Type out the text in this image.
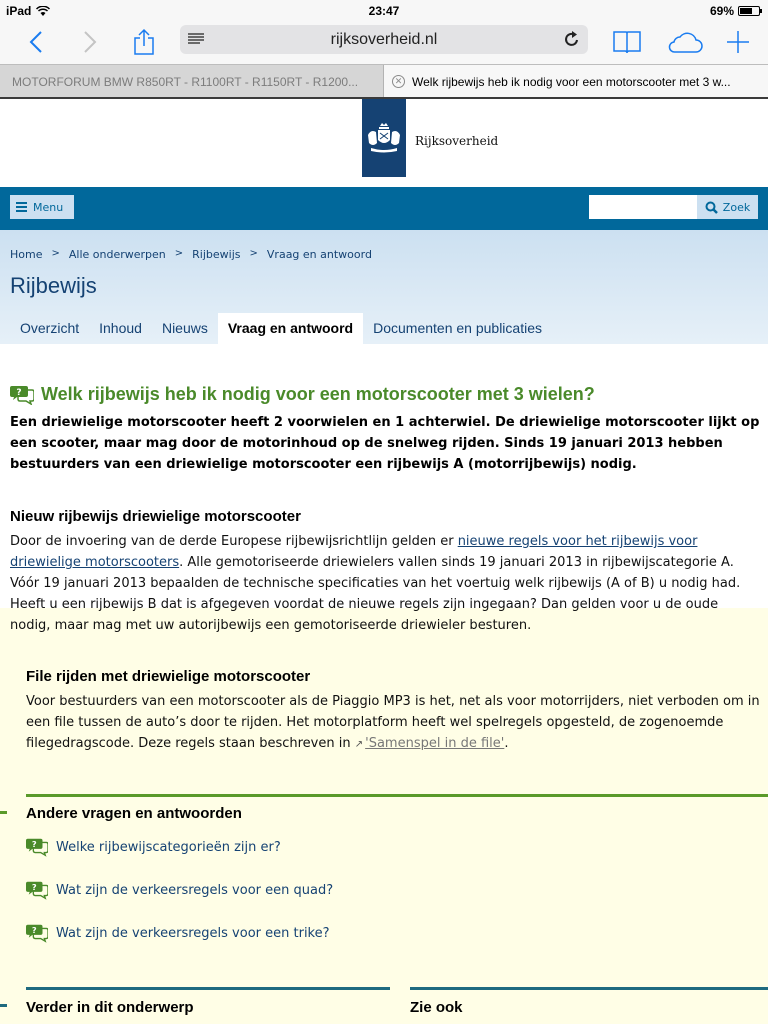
iPad	23:47	69%
rijksoverheid.nl
MOTORFORUM BMW R850RT - R1100RT - R1150RT - R1200...	✕ Welk rijbewijs heb ik nodig voor een motorscooter met 3 w...
Rijksoverheid
Menu	Zoek
Home > Alle onderwerpen > Rijbewijs > Vraag en antwoord
Rijbewijs
Overzicht	Inhoud	Nieuws	Vraag en antwoord	Documenten en publicaties
? Welk rijbewijs heb ik nodig voor een motorscooter met 3 wielen?
Een driewielige motorscooter heeft 2 voorwielen en 1 achterwiel. De driewielige motorscooter lijkt op een scooter, maar mag door de motorinhoud op de snelweg rijden. Sinds 19 januari 2013 hebben bestuurders van een driewielige motorscooter een rijbewijs A (motorrijbewijs) nodig.
Nieuw rijbewijs driewielige motorscooter
Door de invoering van de derde Europese rijbewijsrichtlijn gelden er nieuwe regels voor het rijbewijs voor driewielige motorscooters. Alle gemotoriseerde driewielers vallen sinds 19 januari 2013 in rijbewijscategorie A. Vóór 19 januari 2013 bepaalden de technische specificaties van het voertuig welk rijbewijs (A of B) u nodig had. Heeft u een rijbewijs B dat is afgegeven voordat de nieuwe regels zijn ingegaan? Dan gelden voor u de oude
nodig, maar mag met uw autorijbewijs een gemotoriseerde driewieler besturen.
File rijden met driewielige motorscooter
Voor bestuurders van een motorscooter als de Piaggio MP3 is het, net als voor motorrijders, niet verboden om in een file tussen de auto’s door te rijden. Het motorplatform heeft wel spelregels opgesteld, de zogenoemde filegedragscode. Deze regels staan beschreven in ↗ 'Samenspel in de file'.
Andere vragen en antwoorden
? Welke rijbewijscategorieën zijn er?
? Wat zijn de verkeersregels voor een quad?
? Wat zijn de verkeersregels voor een trike?
Verder in dit onderwerp	Zie ook
